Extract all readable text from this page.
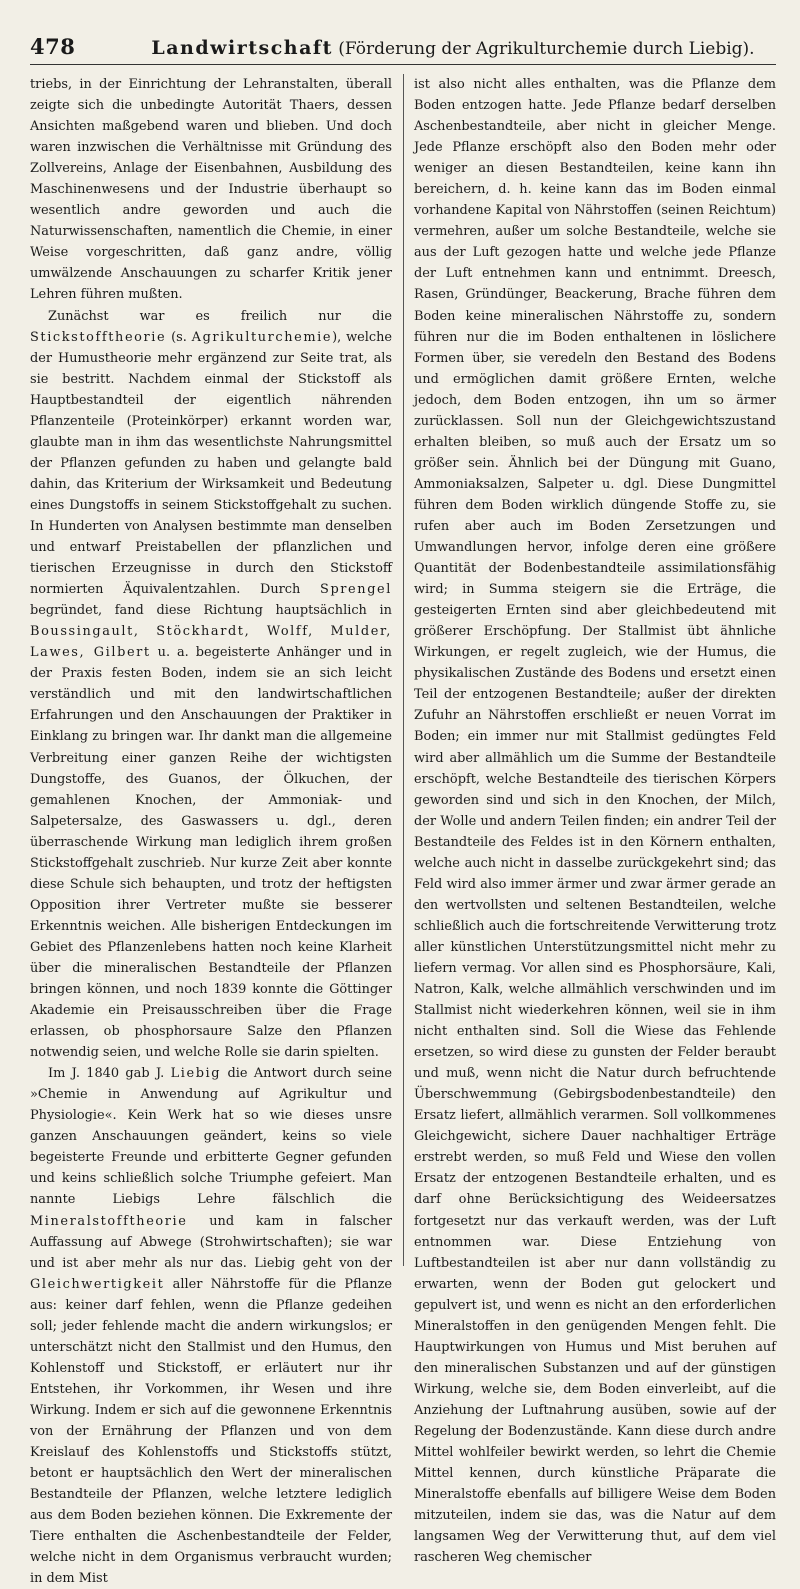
478	Landwirtschaft (Förderung der Agrikulturchemie durch Liebig).

triebs, in der Einrichtung der Lehranstalten, überall zeigte sich die unbedingte Autorität Thaers, dessen Ansichten maßgebend waren und blieben. Und doch waren inzwischen die Verhältnisse mit Gründung des Zollvereins, Anlage der Eisenbahnen, Ausbildung des Maschinenwesens und der Industrie überhaupt so wesentlich andre geworden und auch die Naturwissenschaften, namentlich die Chemie, in einer Weise vorgeschritten, daß ganz andre, völlig umwälzende Anschauungen zu scharfer Kritik jener Lehren führen mußten.

Zunächst war es freilich nur die Stickstofftheorie (s. Agrikulturchemie), welche der Humustheorie mehr ergänzend zur Seite trat, als sie bestritt. Nachdem einmal der Stickstoff als Hauptbestandteil der eigentlich nährenden Pflanzenteile (Proteinkörper) erkannt worden war, glaubte man in ihm das wesentlichste Nahrungsmittel der Pflanzen gefunden zu haben und gelangte bald dahin, das Kriterium der Wirksamkeit und Bedeutung eines Dungstoffs in seinem Stickstoffgehalt zu suchen. In Hunderten von Analysen bestimmte man denselben und entwarf Preistabellen der pflanzlichen und tierischen Erzeugnisse in durch den Stickstoff normierten Äquivalentzahlen. Durch Sprengel begründet, fand diese Richtung hauptsächlich in Boussingault, Stöckhardt, Wolff, Mulder, Lawes, Gilbert u. a. begeisterte Anhänger und in der Praxis festen Boden, indem sie an sich leicht verständlich und mit den landwirtschaftlichen Erfahrungen und den Anschauungen der Praktiker in Einklang zu bringen war. Ihr dankt man die allgemeine Verbreitung einer ganzen Reihe der wichtigsten Dungstoffe, des Guanos, der Ölkuchen, der gemahlenen Knochen, der Ammoniak- und Salpetersalze, des Gaswassers u. dgl., deren überraschende Wirkung man lediglich ihrem großen Stickstoffgehalt zuschrieb. Nur kurze Zeit aber konnte diese Schule sich behaupten, und trotz der heftigsten Opposition ihrer Vertreter mußte sie besserer Erkenntnis weichen. Alle bisherigen Entdeckungen im Gebiet des Pflanzenlebens hatten noch keine Klarheit über die mineralischen Bestandteile der Pflanzen bringen können, und noch 1839 konnte die Göttinger Akademie ein Preisausschreiben über die Frage erlassen, ob phosphorsaure Salze den Pflanzen notwendig seien, und welche Rolle sie darin spielten.

Im J. 1840 gab J. Liebig die Antwort durch seine »Chemie in Anwendung auf Agrikultur und Physiologie«. Kein Werk hat so wie dieses unsre ganzen Anschauungen geändert, keins so viele begeisterte Freunde und erbitterte Gegner gefunden und keins schließlich solche Triumphe gefeiert. Man nannte Liebigs Lehre fälschlich die Mineralstofftheorie und kam in falscher Auffassung auf Abwege (Strohwirtschaften); sie war und ist aber mehr als nur das. Liebig geht von der Gleichwertigkeit aller Nährstoffe für die Pflanze aus: keiner darf fehlen, wenn die Pflanze gedeihen soll; jeder fehlende macht die andern wirkungslos; er unterschätzt nicht den Stallmist und den Humus, den Kohlenstoff und Stickstoff, er erläutert nur ihr Entstehen, ihr Vorkommen, ihr Wesen und ihre Wirkung. Indem er sich auf die gewonnene Erkenntnis von der Ernährung der Pflanzen und von dem Kreislauf des Kohlenstoffs und Stickstoffs stützt, betont er hauptsächlich den Wert der mineralischen Bestandteile der Pflanzen, welche letztere lediglich aus dem Boden beziehen können. Die Exkremente der Tiere enthalten die Aschenbestandteile der Felder, welche nicht in dem Organismus verbraucht wurden; in dem Mist

ist also nicht alles enthalten, was die Pflanze dem Boden entzogen hatte. Jede Pflanze bedarf derselben Aschenbestandteile, aber nicht in gleicher Menge. Jede Pflanze erschöpft also den Boden mehr oder weniger an diesen Bestandteilen, keine kann ihn bereichern, d. h. keine kann das im Boden einmal vorhandene Kapital von Nährstoffen (seinen Reichtum) vermehren, außer um solche Bestandteile, welche sie aus der Luft gezogen hatte und welche jede Pflanze der Luft entnehmen kann und entnimmt. Dreesch, Rasen, Gründünger, Beackerung, Brache führen dem Boden keine mineralischen Nährstoffe zu, sondern führen nur die im Boden enthaltenen in löslichere Formen über, sie veredeln den Bestand des Bodens und ermöglichen damit größere Ernten, welche jedoch, dem Boden entzogen, ihn um so ärmer zurücklassen. Soll nun der Gleichgewichtszustand erhalten bleiben, so muß auch der Ersatz um so größer sein. Ähnlich bei der Düngung mit Guano, Ammoniaksalzen, Salpeter u. dgl. Diese Dungmittel führen dem Boden wirklich düngende Stoffe zu, sie rufen aber auch im Boden Zersetzungen und Umwandlungen hervor, infolge deren eine größere Quantität der Bodenbestandteile assimilationsfähig wird; in Summa steigern sie die Erträge, die gesteigerten Ernten sind aber gleichbedeutend mit größerer Erschöpfung. Der Stallmist übt ähnliche Wirkungen, er regelt zugleich, wie der Humus, die physikalischen Zustände des Bodens und ersetzt einen Teil der entzogenen Bestandteile; außer der direkten Zufuhr an Nährstoffen erschließt er neuen Vorrat im Boden; ein immer nur mit Stallmist gedüngtes Feld wird aber allmählich um die Summe der Bestandteile erschöpft, welche Bestandteile des tierischen Körpers geworden sind und sich in den Knochen, der Milch, der Wolle und andern Teilen finden; ein andrer Teil der Bestandteile des Feldes ist in den Körnern enthalten, welche auch nicht in dasselbe zurückgekehrt sind; das Feld wird also immer ärmer und zwar ärmer gerade an den wertvollsten und seltenen Bestandteilen, welche schließlich auch die fortschreitende Verwitterung trotz aller künstlichen Unterstützungsmittel nicht mehr zu liefern vermag. Vor allen sind es Phosphorsäure, Kali, Natron, Kalk, welche allmählich verschwinden und im Stallmist nicht wiederkehren können, weil sie in ihm nicht enthalten sind. Soll die Wiese das Fehlende ersetzen, so wird diese zu gunsten der Felder beraubt und muß, wenn nicht die Natur durch befruchtende Überschwemmung (Gebirgsbodenbestandteile) den Ersatz liefert, allmählich verarmen. Soll vollkommenes Gleichgewicht, sichere Dauer nachhaltiger Erträge erstrebt werden, so muß Feld und Wiese den vollen Ersatz der entzogenen Bestandteile erhalten, und es darf ohne Berücksichtigung des Weideersatzes fortgesetzt nur das verkauft werden, was der Luft entnommen war. Diese Entziehung von Luftbestandteilen ist aber nur dann vollständig zu erwarten, wenn der Boden gut gelockert und gepulvert ist, und wenn es nicht an den erforderlichen Mineralstoffen in den genügenden Mengen fehlt. Die Hauptwirkungen von Humus und Mist beruhen auf den mineralischen Substanzen und auf der günstigen Wirkung, welche sie, dem Boden einverleibt, auf die Anziehung der Luftnahrung ausüben, sowie auf der Regelung der Bodenzustände. Kann diese durch andre Mittel wohlfeiler bewirkt werden, so lehrt die Chemie Mittel kennen, durch künstliche Präparate die Mineralstoffe ebenfalls auf billigere Weise dem Boden mitzuteilen, indem sie das, was die Natur auf dem langsamen Weg der Verwitterung thut, auf dem viel rascheren Weg chemischer
